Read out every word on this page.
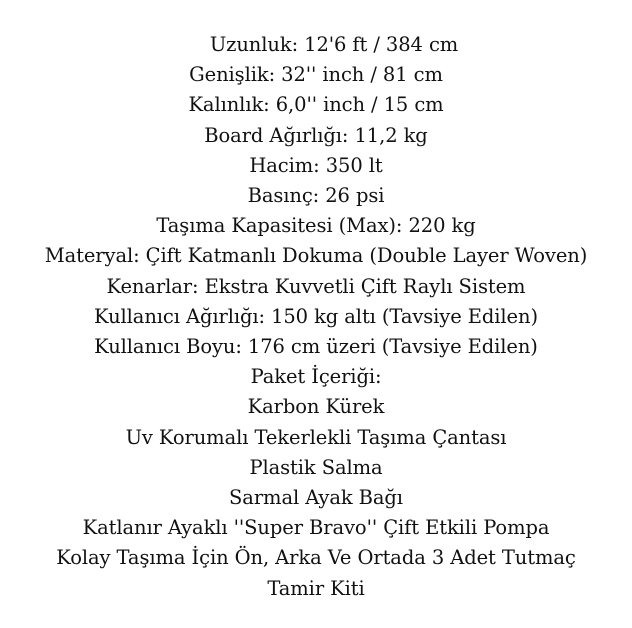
Uzunluk: 12'6 ft / 384 cm
Genişlik: 32'' inch / 81 cm
Kalınlık: 6,0'' inch / 15 cm
Board Ağırlığı: 11,2 kg
Hacim: 350 lt
Basınç: 26 psi
Taşıma Kapasitesi (Max): 220 kg
Materyal: Çift Katmanlı Dokuma (Double Layer Woven)
Kenarlar: Ekstra Kuvvetli Çift Raylı Sistem
Kullanıcı Ağırlığı: 150 kg altı (Tavsiye Edilen)
Kullanıcı Boyu: 176 cm üzeri (Tavsiye Edilen)
Paket İçeriği:
Karbon Kürek
Uv Korumalı Tekerlekli Taşıma Çantası
Plastik Salma
Sarmal Ayak Bağı
Katlanır Ayaklı ''Super Bravo'' Çift Etkili Pompa
Kolay Taşıma İçin Ön, Arka Ve Ortada 3 Adet Tutmaç
Tamir Kiti
